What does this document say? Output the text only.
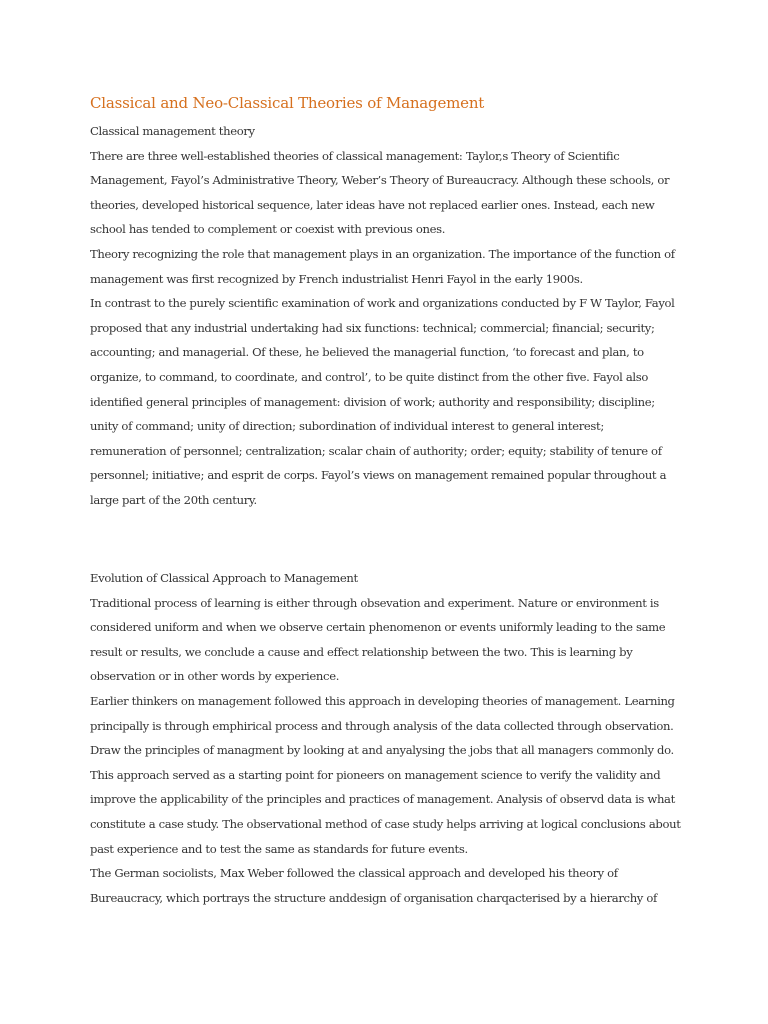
Classical and Neo-Classical Theories of Management
Classical management theory
There are three well-established theories of classical management: Taylor,s Theory of Scientific
Management, Fayol’s Administrative Theory, Weber’s Theory of Bureaucracy. Although these schools, or
theories, developed historical sequence, later ideas have not replaced earlier ones. Instead, each new
school has tended to complement or coexist with previous ones.
Theory recognizing the role that management plays in an organization. The importance of the function of
management was first recognized by French industrialist Henri Fayol in the early 1900s.
In contrast to the purely scientific examination of work and organizations conducted by F W Taylor, Fayol
proposed that any industrial undertaking had six functions: technical; commercial; financial; security;
accounting; and managerial. Of these, he believed the managerial function, ‘to forecast and plan, to
organize, to command, to coordinate, and control’, to be quite distinct from the other five. Fayol also
identified general principles of management: division of work; authority and responsibility; discipline;
unity of command; unity of direction; subordination of individual interest to general interest;
remuneration of personnel; centralization; scalar chain of authority; order; equity; stability of tenure of
personnel; initiative; and esprit de corps. Fayol’s views on management remained popular throughout a
large part of the 20th century.
Evolution of Classical Approach to Management
Traditional process of learning is either through obsevation and experiment. Nature or environment is
considered uniform and when we observe certain phenomenon or events uniformly leading to the same
result or results, we conclude a cause and effect relationship between the two. This is learning by
observation or in other words by experience.
Earlier thinkers on management followed this approach in developing theories of management. Learning
principally is through emphirical process and through analysis of the data collected through observation.
Draw the principles of managment by looking at and anyalysing the jobs that all managers commonly do.
This approach served as a starting point for pioneers on management science to verify the validity and
improve the applicability of the principles and practices of management. Analysis of observd data is what
constitute a case study. The observational method of case study helps arriving at logical conclusions about
past experience and to test the same as standards for future events.
The German sociolists, Max Weber followed the classical approach and developed his theory of
Bureaucracy, which portrays the structure anddesign of organisation charqacterised by a hierarchy of
